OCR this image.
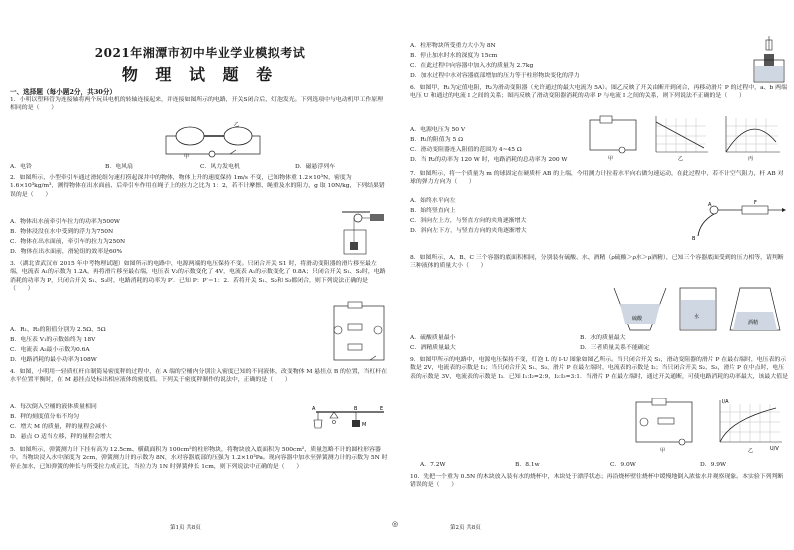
2021年湘潭市初中毕业学业模拟考试
物 理 试 题 卷
一、选择题（每小题2分，共30分）
1．小明以塑料管为连接轴将两个玩具电机的转轴连接起来，并连接如图所示的电路，开关S闭合后，灯泡发光。下列选项中与电动机甲工作原理相同的是（　　）
甲
乙
A．电铃	B．电风扇	C．风力发电机	D．磁悬浮列车
2．如图所示，小型牵引车通过滑轮组匀速打捞起深井中的物体，物体上升的速度保持 1m/s 不变，已知物体重 1.2×10³N，密度为 1.6×10³kg/m³，测得物体在出水面前、后牵引车作用在绳子上的拉力之比为 1：2，若不计摩擦、绳重及水的阻力，g 取 10N/kg，下列结果错误的是（　　）
A．物体出水前牵引车拉力的功率为500W
B．物体浸没在水中受到的浮力为750N
C．物体在出水面前，牵引车的拉力为250N
D．物体在出水面前，滑轮组的效率是60%
3．（湖北省武汉市 2015 年中考物理试题）如图所示的电路中，电源两端的电压保持不变。只闭合开关 S1 时，将滑动变阻器的滑片移至最左端，电流表 A₁的示数为 1.2A，再将滑片移至最右端，电压表 V₂的示数变化了 4V，电流表 A₁的示数变化了 0.8A；只闭合开关 S₁、S₂时，电路消耗的功率为 P，只闭合开关 S₁、S₃时，电路消耗的功率为 P′．已知 P：P′＝1：2．若将开关 S₁、S₂和 S₃都闭合，则下列说法正确的是（　　）
A．R₁、R₃的阻值分别为 2.5Ω、5Ω
B．电压表 V₁的示数始终为 18V
C．电流表 A₂最小示数为0.6A
D．电路消耗的最小功率为108W
4．如图，小明用一轻质杠杆自制简易密度秤的过程中，在 A 端的空桶内分别注入密度已知的不同液体，改变物体 M 悬挂点 B 的位置，当杠杆在水平位置平衡时，在 M 悬挂点处标出相应液体的密度值。下列关于密度秤制作的说法中，正确的是（　　）
A
O
B
M
E
A．每次倒入空桶的液体质量相同
B．秤的刻度值分布不均匀
C．增大 M 的质量，秤的量程会减小
D．悬点 O 适当左移，秤的量程会增大
5．如图所示，弹簧测力计下挂有高为 12.5cm、横截面积为 100cm²的柱形物块，将物块放入底面积为 500cm²，质量忽略不计的圆柱形容器中。当物块浸入水中深度为 2cm，弹簧测力计的示数为 8N，水对容器底部的压强为 1.2×10³Pa。现向容器中加水至弹簧测力计的示数为 5N 时停止加水，已知弹簧的伸长与所受拉力成正比，当拉力为 1N 时弹簧伸长 1cm，则下列说法中正确的是（　　）
第1页 共8页	◎
A．柱形物块所受重力大小为 8N
B．停止加水时水的深度为 15cm
C．在此过程中向容器中加入水的质量为 2.7kg
D．加水过程中水对容器底部增加的压力等于柱形物块变化的浮力
6．如图甲，R₁为定值电阻，R₂为滑动变阻器（允许通过的最大电流为 5A）。图乙反映了开关由断开到闭合，再移动滑片 P 的过程中，a、b 两端电压 U 和通过的电流 I 之间的关系；图丙反映了滑动变阻器消耗的功率 P 与电流 I 之间的关系，则下列说法不正确的是（　　）
甲	乙	丙
A．电源电压为 50 V
B．R₁的阻值为 5 Ω
C．滑动变阻器连入阻值的范围为 4~45 Ω
D．当 R₂的功率为 120 W 时，电路消耗的总功率为 200 W
7．如图所示，将一个质量为 m 的球固定在硬质杆 AB 的上端，今用测力计拉着水平向右做匀速运动，在此过程中，若不计空气阻力，杆 AB 对球的弹力方向为（　　）
A
B
F
A．始终水平向左
B．始终竖直向上
C．斜向左上方，与竖直方向的夹角逐渐增大
D．斜向左下方，与竖直方向的夹角逐渐增大
8．如图所示，A、B、C 三个容器的底面积相同，分别装有硫酸、水、酒精（ρ硫酸＞ρ水＞ρ酒精），已知三个容器底面受到的压力相等，请判断三种液体的质量大小（　　）
硫酸	水
酒精
A．硫酸质量最小	B．水的质量最大
C．酒精质量最大	D．三者质量关系不能确定
9．如图甲所示的电路中，电源电压保持不变，灯泡 L 的 I-U 图象如图乙所示。当只闭合开关 S₁，滑动变阻器的滑片 P 在最右端时，电压表的示数是 2V，电流表的示数是 I₁；当只闭合开关 S₁、S₃，滑片 P 在最左端时，电流表的示数是 I₂；当只闭合开关 S₂、S₃，滑片 P 在中点时，电压表的示数是 3V，电流表的示数是 I₃．已知 I₁:I₂=2:9，I₂:I₃=3:1．当滑片 P 在最左端时，通过开关通断，可使电路消耗的功率最大，该最大值是
甲
I/A
U/V
乙
A．7.2W	B．8.1w	C．9.0W	D．9.9W
10．先把一个重为 0.5N 的木块放入装有水的烧杯中，木块处于漂浮状态；再沿烧杯壁往烧杯中缓慢地倒入浓盐水并观察现象。本实验下列判断错误的是（　　）
第2页 共8页
